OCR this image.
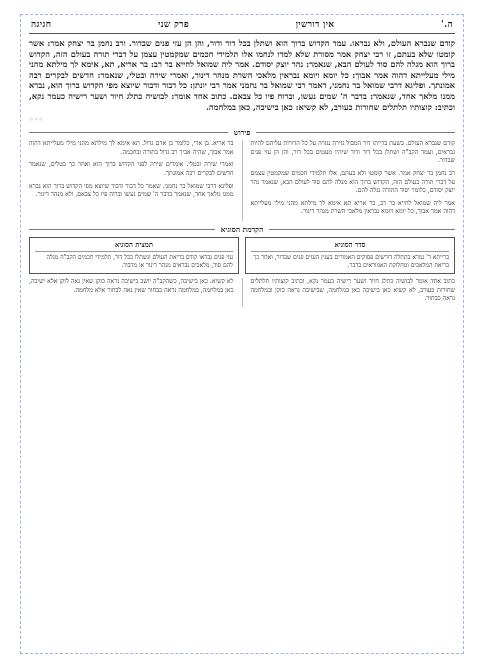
ה.'
אין דורשין
פרק שני
חגיגה

קודם שנברא העולם, ולא נבראו. עמד הקדוש ברוך הוא ושתלן בכל דור ודור, והן הן עזי פנים שבדור. ורב נחמן בר יצחק אמר: אשר קומטו שלא בעתם, זו רבי יצחק אמר מסורת שלא למדו לנחמו אלו תלמידי חכמים שמקמטין עצמן על דברי תורה בעולם הזה, הקדוש ברוך הוא מגלה להם סוד לעולם הבא, שנאמר: נהר יוצק יסודם. אמר ליה שמואל לחייא בר רב: בר אריא, תא, אימא לך מילתא מהני מילי מעלייתא דהוה אמר אבוך: כל יומא ויומא נבראין מלאכי השרת מנהר דינור, ואמרי שירה ובטלי, שנאמר: חדשים לבקרים רבה אמונתך. ופליגא דרבי שמואל בר נחמני, דאמר רבי שמואל בר נחמני אמר רבי יונתן: כל דבור ודבור שיוצא מפי הקדוש ברוך הוא, נברא ממנו מלאך אחד, שנאמר: בדבר ה' שמים נעשו, וברוח פיו כל צבאם. כתוב אחד אומר: לבושיה כתלג חיור ושער רישיה כעמר נקא, וכתיב: קוצותיו תלתלים שחורות כעורב, לא קשיא: כאן בישיבה, כאן במלחמה.

◦◦◦
פירוש

קודם שנברא העולם. בשעת ברייתו דור המבול גזירה נגזרה על כל הדורות עליהם להיות נבראים, ועמד הקב"ה ושתלן בכל דור ודור שיהיו מעטים בכל דור, והן הן עזי פנים שבדור.

רב נחמן בר יצחק אמר. אשר קומטו ולא בעתם, אלו תלמידי חכמים שמקמטין עצמם על דברי תורה בעולם הזה, הקדוש ברוך הוא מגלה להם סוד לעולם הבא, שנאמר נהר יוצק יסודם, כלומר יסוד התורה נגלה להם.

אמר ליה שמואל לחייא בר רב, בר אריא תא אימא לך מילתא מהני מילי מעלייתא דהוה אמר אבוך, כל יומא ויומא נבראין מלאכי השרת מנהר דינור.

בר אריא. בן ארי, כלומר בן אדם גדול. תא אימא לך מילתא מהני מילי מעלייתא דהוה אמר אבוך, שהיה אביך רב גדול בתורה ובחכמה.

ואמרי שירה ובטלי. אומרים שירה לפני הקדוש ברוך הוא ואחר כך בטלים, שנאמר חדשים לבקרים רבה אמונתך.

ופליגא דרבי שמואל בר נחמני. שאמר כל דבור ודבור שיוצא מפי הקדוש ברוך הוא נברא ממנו מלאך אחד, שנאמר בדבר ה' שמים נעשו וברוח פיו כל צבאם, ולא מנהר דינור.

הקדמת הסוגיא
סדר הסוגיא
ברייתא ד' גמרא בתחלה דורשים פסוקים האמורים בענין העזים פנים שבדור, ואחר כך בריאת המלאכים ומחלוקת האמוראים בדבר.
תמצית הסוגיא
עזי פנים נבראו קודם בריאת העולם ונשתלו בכל דור, תלמידי חכמים הקב"ה מגלה להם סוד, מלאכים נבראים מנהר דינור או מדבור.

כתוב אחד אומר לבושיה כתלג חיור ושער רישיה כעמר נקא, וכתיב קוצותיו תלתלים שחורות כעורב, לא קשיא כאן בישיבה כאן במלחמה, שבישיבה נראה כזקן ובמלחמה נראה כבחור.

לא קשיא. כאן בישיבה, כשהקב"ה יושב בישיבה נראה כזקן שאין נאה לזקן אלא ישיבה, כאן במלחמה, במלחמה נראה כבחור שאין נאה לבחור אלא מלחמה.
